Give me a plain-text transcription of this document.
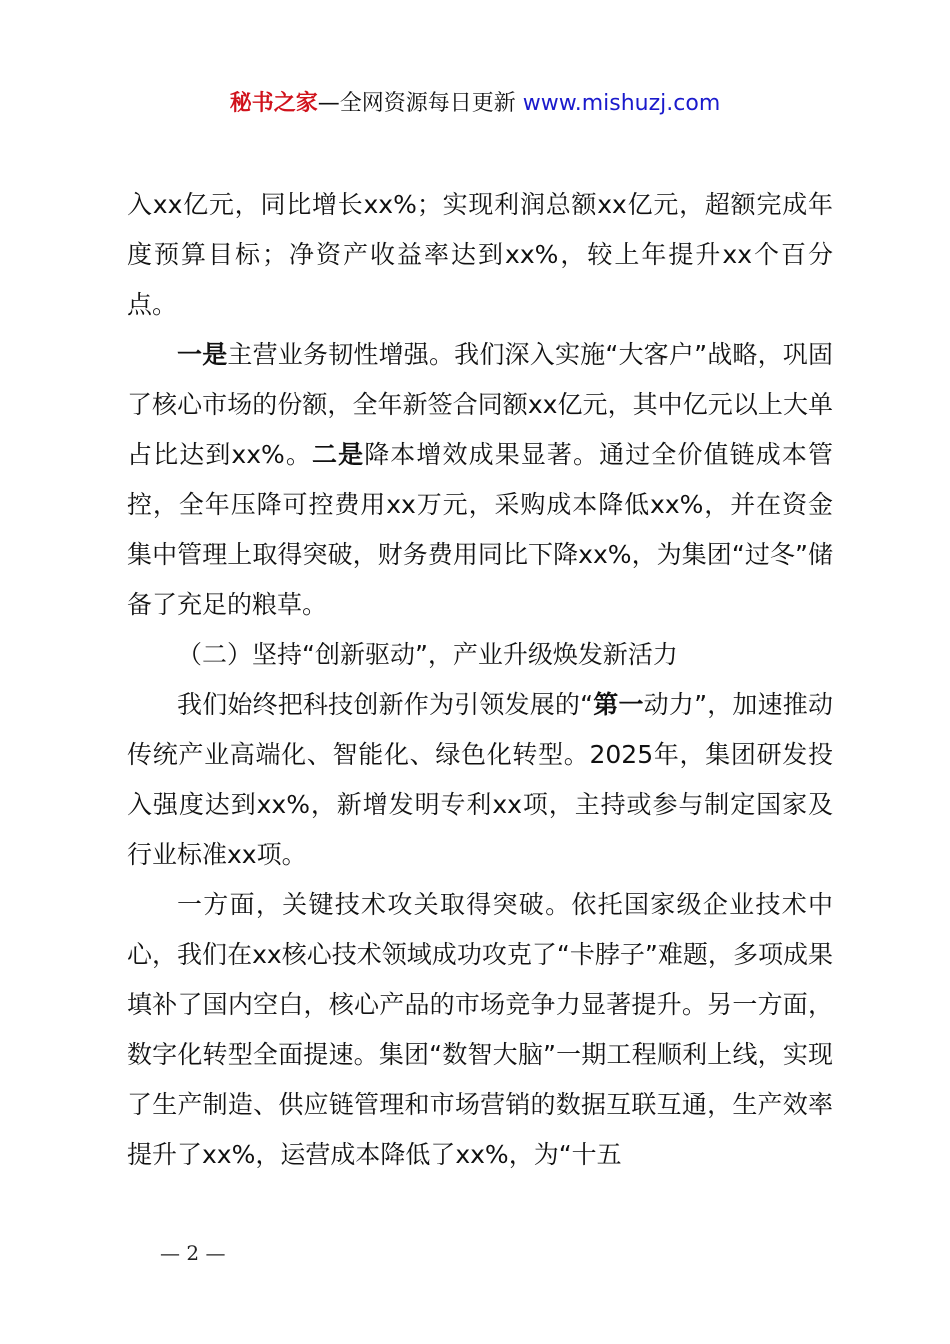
秘书之家—全网资源每日更新 www.mishuzj.com

入xx亿元，同比增长xx%；实现利润总额xx亿元，超额完成年度预算目标；净资产收益率达到xx%，较上年提升xx个百分点。

一是主营业务韧性增强。我们深入实施“大客户”战略，巩固了核心市场的份额，全年新签合同额xx亿元，其中亿元以上大单占比达到xx%。二是降本增效成果显著。通过全价值链成本管控，全年压降可控费用xx万元，采购成本降低xx%，并在资金集中管理上取得突破，财务费用同比下降xx%，为集团“过冬”储备了充足的粮草。

（二）坚持“创新驱动”，产业升级焕发新活力

我们始终把科技创新作为引领发展的“第一动力”，加速推动传统产业高端化、智能化、绿色化转型。2025年，集团研发投入强度达到xx%，新增发明专利xx项，主持或参与制定国家及行业标准xx项。

一方面，关键技术攻关取得突破。依托国家级企业技术中心，我们在xx核心技术领域成功攻克了“卡脖子”难题，多项成果填补了国内空白，核心产品的市场竞争力显著提升。另一方面，数字化转型全面提速。集团“数智大脑”一期工程顺利上线，实现了生产制造、供应链管理和市场营销的数据互联互通，生产效率提升了xx%，运营成本降低了xx%，为“十五

— 2 —
